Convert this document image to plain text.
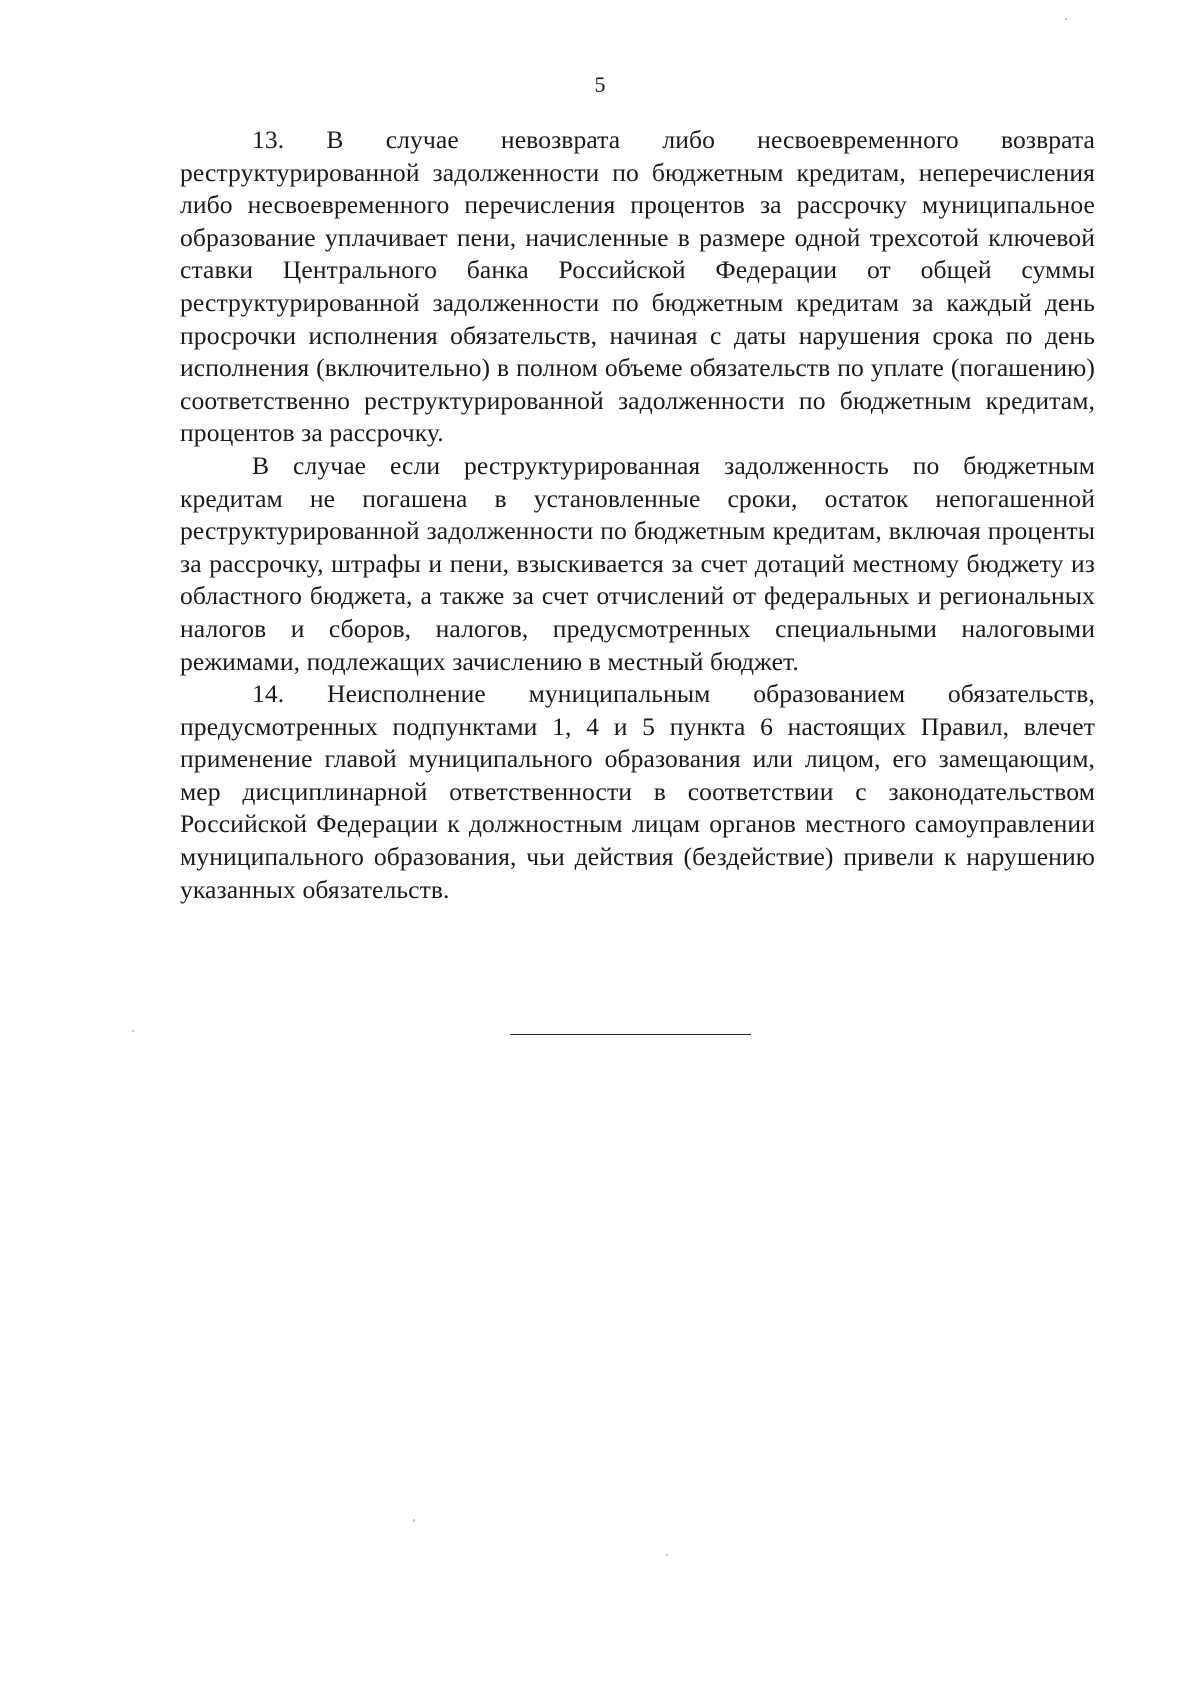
5

13. В случае невозврата либо несвоевременного возврата реструктурированной задолженности по бюджетным кредитам, неперечисления либо несвоевременного перечисления процентов за рассрочку муниципальное образование уплачивает пени, начисленные в размере одной трехсотой ключевой ставки Центрального банка Российской Федерации от общей суммы реструктурированной задолженности по бюджетным кредитам за каждый день просрочки исполнения обязательств, начиная с даты нарушения срока по день исполнения (включительно) в полном объеме обязательств по уплате (погашению) соответственно реструктурированной задолженности по бюджетным кредитам, процентов за рассрочку.

В случае если реструктурированная задолженность по бюджетным кредитам не погашена в установленные сроки, остаток непогашенной реструктурированной задолженности по бюджетным кредитам, включая проценты за рассрочку, штрафы и пени, взыскивается за счет дотаций местному бюджету из областного бюджета, а также за счет отчислений от федеральных и региональных налогов и сборов, налогов, предусмотренных специальными налоговыми режимами, подлежащих зачислению в местный бюджет.

14. Неисполнение муниципальным образованием обязательств, предусмотренных подпунктами 1, 4 и 5 пункта 6 настоящих Правил, влечет применение главой муниципального образования или лицом, его замещающим, мер дисциплинарной ответственности в соответствии с законодательством Российской Федерации к должностным лицам органов местного самоуправлении муниципального образования, чьи действия (бездействие) привели к нарушению указанных обязательств.
